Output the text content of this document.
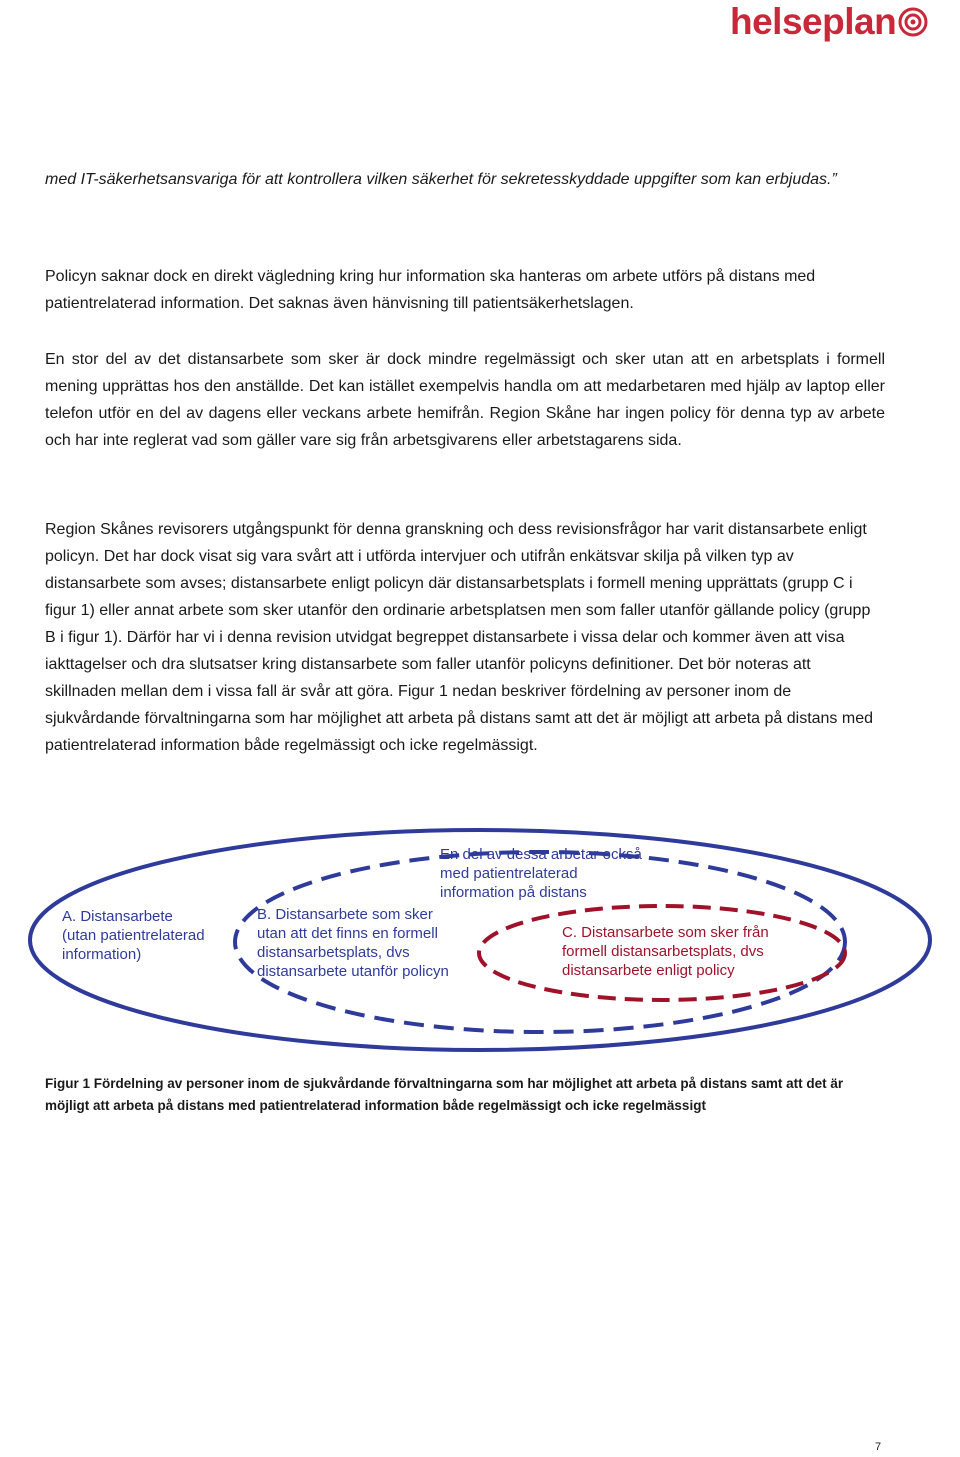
helseplan

med IT-säkerhetsansvariga för att kontrollera vilken säkerhet för sekretesskyddade uppgifter som kan erbjudas.”

Policyn saknar dock en direkt vägledning kring hur information ska hanteras om arbete utförs på distans med patientrelaterad information. Det saknas även hänvisning till patientsäkerhetslagen.

En stor del av det distansarbete som sker är dock mindre regelmässigt och sker utan att en arbetsplats i formell mening upprättas hos den anställde. Det kan istället exempelvis handla om att medarbetaren med hjälp av laptop eller telefon utför en del av dagens eller veckans arbete hemifrån. Region Skåne har ingen policy för denna typ av arbete och har inte reglerat vad som gäller vare sig från arbetsgivarens eller arbetstagarens sida.

Region Skånes revisorers utgångspunkt för denna granskning och dess revisionsfrågor har varit distansarbete enligt policyn. Det har dock visat sig vara svårt att i utförda intervjuer och utifrån enkätsvar skilja på vilken typ av distansarbete som avses; distansarbete enligt policyn där distansarbetsplats i formell mening upprättats (grupp C i figur 1) eller annat arbete som sker utanför den ordinarie arbetsplatsen men som faller utanför gällande policy (grupp B i figur 1). Därför har vi i denna revision utvidgat begreppet distansarbete i vissa delar och kommer även att visa iakttagelser och dra slutsatser kring distansarbete som faller utanför policyns definitioner. Det bör noteras att skillnaden mellan dem i vissa fall är svår att göra. Figur 1 nedan beskriver fördelning av personer inom de sjukvårdande förvaltningarna som har möjlighet att arbeta på distans samt att det är möjligt att arbeta på distans med patientrelaterad information både regelmässigt och icke regelmässigt.

A. Distansarbete
(utan patientrelaterad
information)

B. Distansarbete som sker
utan att det finns en formell
distansarbetsplats, dvs
distansarbete utanför policyn

C. Distansarbete som sker från
formell distansarbetsplats, dvs
distansarbete enligt policy

En del av dessa arbetar också
med patientrelaterad
information på distans

Figur 1 Fördelning av personer inom de sjukvårdande förvaltningarna som har möjlighet att arbeta på distans samt att det är möjligt att arbeta på distans med patientrelaterad information både regelmässigt och icke regelmässigt

7
